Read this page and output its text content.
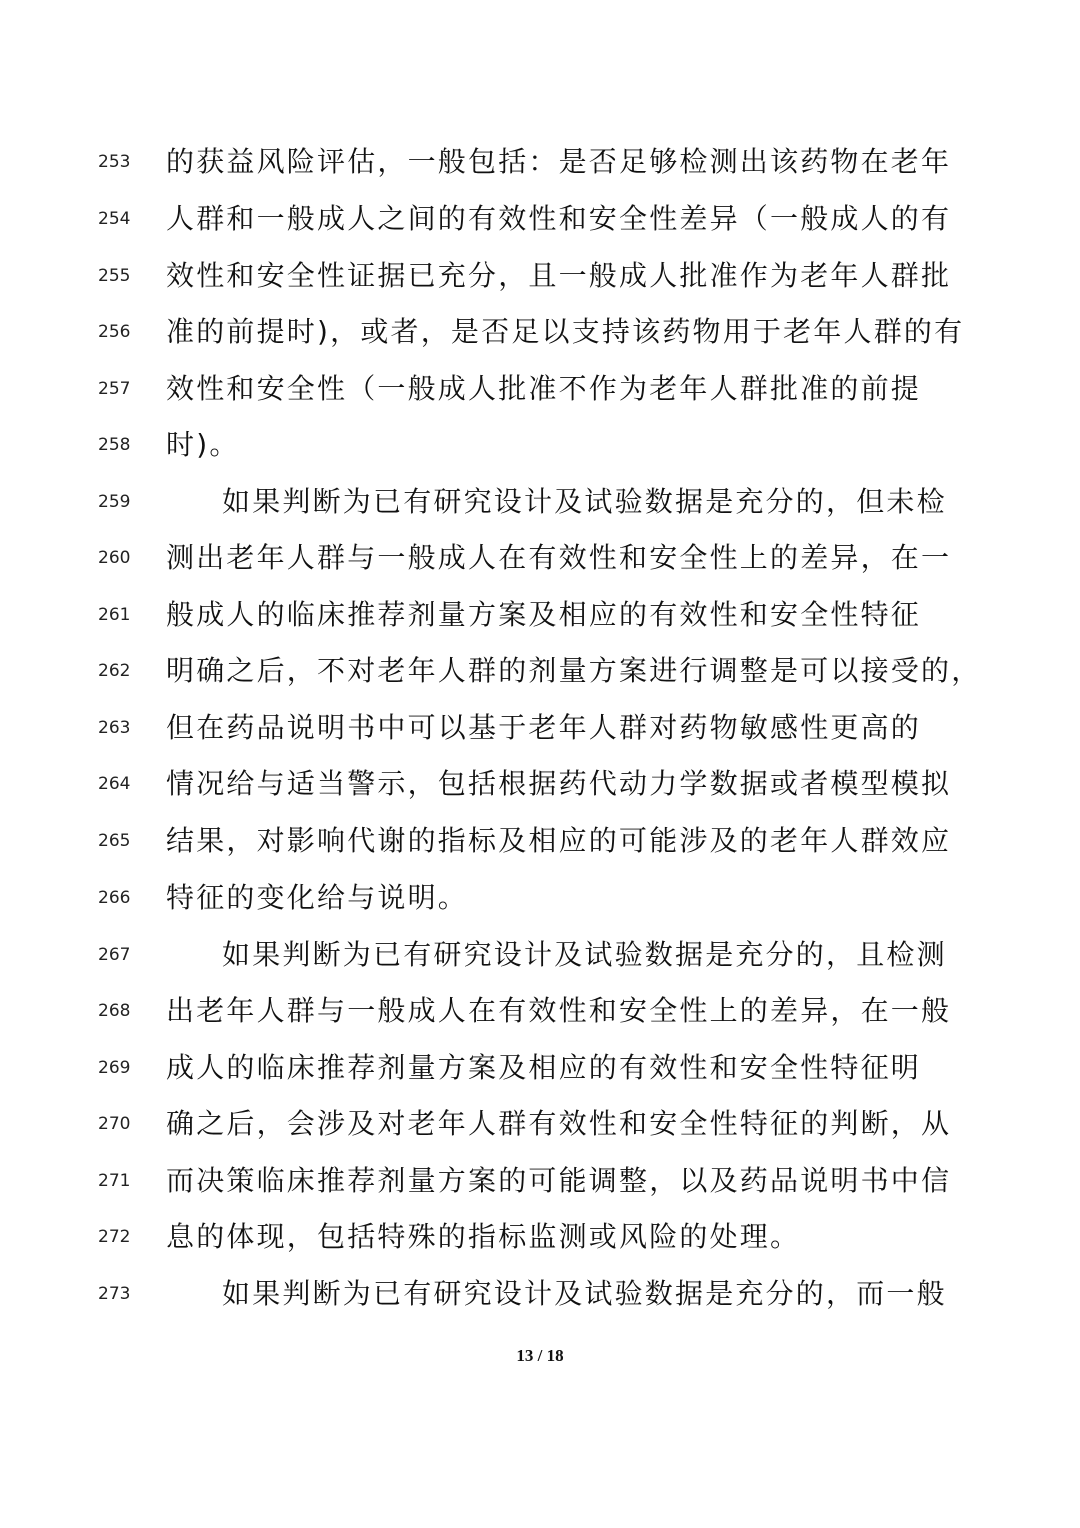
253 的获益风险评估，一般包括：是否足够检测出该药物在老年
254 人群和一般成人之间的有效性和安全性差异（一般成人的有
255 效性和安全性证据已充分，且一般成人批准作为老年人群批
256 准的前提时)，或者，是否足以支持该药物用于老年人群的有
257 效性和安全性（一般成人批准不作为老年人群批准的前提
258 时)。
259	如果判断为已有研究设计及试验数据是充分的，但未检
260 测出老年人群与一般成人在有效性和安全性上的差异，在一
261 般成人的临床推荐剂量方案及相应的有效性和安全性特征
262 明确之后，不对老年人群的剂量方案进行调整是可以接受的，
263 但在药品说明书中可以基于老年人群对药物敏感性更高的
264 情况给与适当警示，包括根据药代动力学数据或者模型模拟
265 结果，对影响代谢的指标及相应的可能涉及的老年人群效应
266 特征的变化给与说明。
267	如果判断为已有研究设计及试验数据是充分的，且检测
268 出老年人群与一般成人在有效性和安全性上的差异，在一般
269 成人的临床推荐剂量方案及相应的有效性和安全性特征明
270 确之后，会涉及对老年人群有效性和安全性特征的判断，从
271 而决策临床推荐剂量方案的可能调整，以及药品说明书中信
272 息的体现，包括特殊的指标监测或风险的处理。
273	如果判断为已有研究设计及试验数据是充分的，而一般
13 / 18
